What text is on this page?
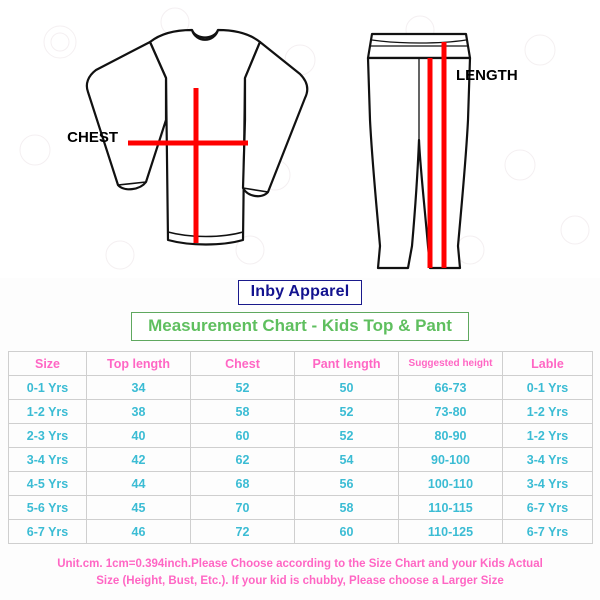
CHEST
LENGTH
Inby Apparel
Measurement Chart - Kids Top & Pant
Size	Top length	Chest	Pant length	Suggested height	Lable
0-1 Yrs	34	52	50	66-73	0-1 Yrs
1-2 Yrs	38	58	52	73-80	1-2 Yrs
2-3 Yrs	40	60	52	80-90	1-2 Yrs
3-4 Yrs	42	62	54	90-100	3-4 Yrs
4-5 Yrs	44	68	56	100-110	3-4 Yrs
5-6 Yrs	45	70	58	110-115	6-7 Yrs
6-7 Yrs	46	72	60	110-125	6-7 Yrs
Unit.cm. 1cm=0.394inch.Please Choose according to the Size Chart and your Kids Actual
Size (Height, Bust, Etc.). If your kid is chubby, Please choose a Larger Size
